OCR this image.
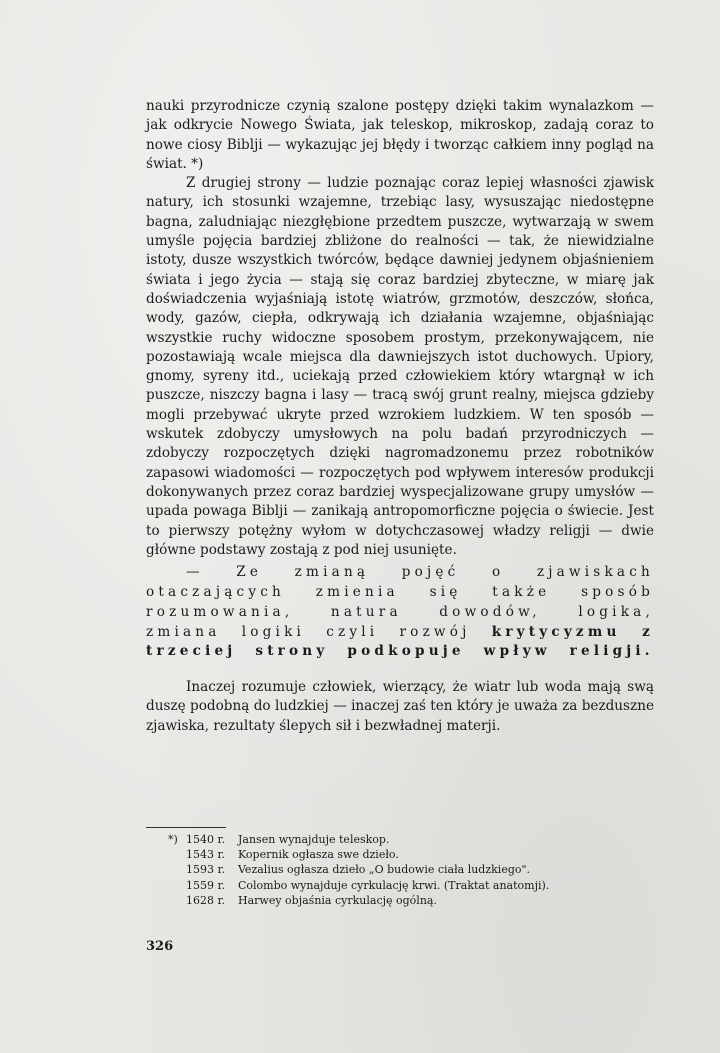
nauki przyrodnicze czynią szalone postępy dzięki takim wynalazkom — jak odkrycie Nowego Świata, jak teleskop, mikroskop, zadają coraz to nowe ciosy Biblji — wykazując jej błędy i tworząc całkiem inny pogląd na świat. *)

Z drugiej strony — ludzie poznając coraz lepiej własności zjawisk natury, ich stosunki wzajemne, trzebiąc lasy, wysuszając niedostępne bagna, zaludniając niezgłębione przedtem puszcze, wytwarzają w swem umyśle pojęcia bardziej zbliżone do realności — tak, że niewidzialne istoty, dusze wszystkich twórców, będące dawniej jedynem objaśnieniem świata i jego życia — stają się coraz bardziej zbyteczne, w miarę jak doświadczenia wyjaśniają istotę wiatrów, grzmotów, deszczów, słońca, wody, gazów, ciepła, odkrywają ich działania wzajemne, objaśniając wszystkie ruchy widoczne sposobem prostym, przekonywającem, nie pozostawiają wcale miejsca dla dawniejszych istot duchowych. Upiory, gnomy, syreny itd., uciekają przed człowiekiem który wtargnął w ich puszcze, niszczy bagna i lasy — tracą swój grunt realny, miejsca gdzieby mogli przebywać ukryte przed wzrokiem ludzkiem. W ten sposób — wskutek zdobyczy umysłowych na polu badań przyrodniczych — zdobyczy rozpoczętych dzięki nagromadzonemu przez robotników zapasowi wiadomości — rozpoczętych pod wpływem interesów produkcji dokonywanych przez coraz bardziej wyspecjalizowane grupy umysłów — upada powaga Biblji — zanikają antropomorficzne pojęcia o świecie. Jest to pierwszy potężny wyłom w dotychczasowej władzy religji — dwie główne podstawy zostają z pod niej usunięte.

— Ze zmianą pojęć o zjawiskach otaczających zmienia się także sposób rozumowania, natura dowodów, logika, zmiana logiki czyli rozwój krytycyzmu z trzeciej strony podkopuje wpływ religji.

Inaczej rozumuje człowiek, wierzący, że wiatr lub woda mają swą duszę podobną do ludzkiej — inaczej zaś ten który je uważa za bezduszne zjawiska, rezultaty ślepych sił i bezwładnej materji.

*) 1540 r. Jansen wynajduje teleskop.
1543 r. Kopernik ogłasza swe dzieło.
1593 r. Vezalius ogłasza dzieło „O budowie ciała ludzkiego".
1559 r. Colombo wynajduje cyrkulację krwi. (Traktat anatomji).
1628 r. Harwey objaśnia cyrkulację ogólną.
326
